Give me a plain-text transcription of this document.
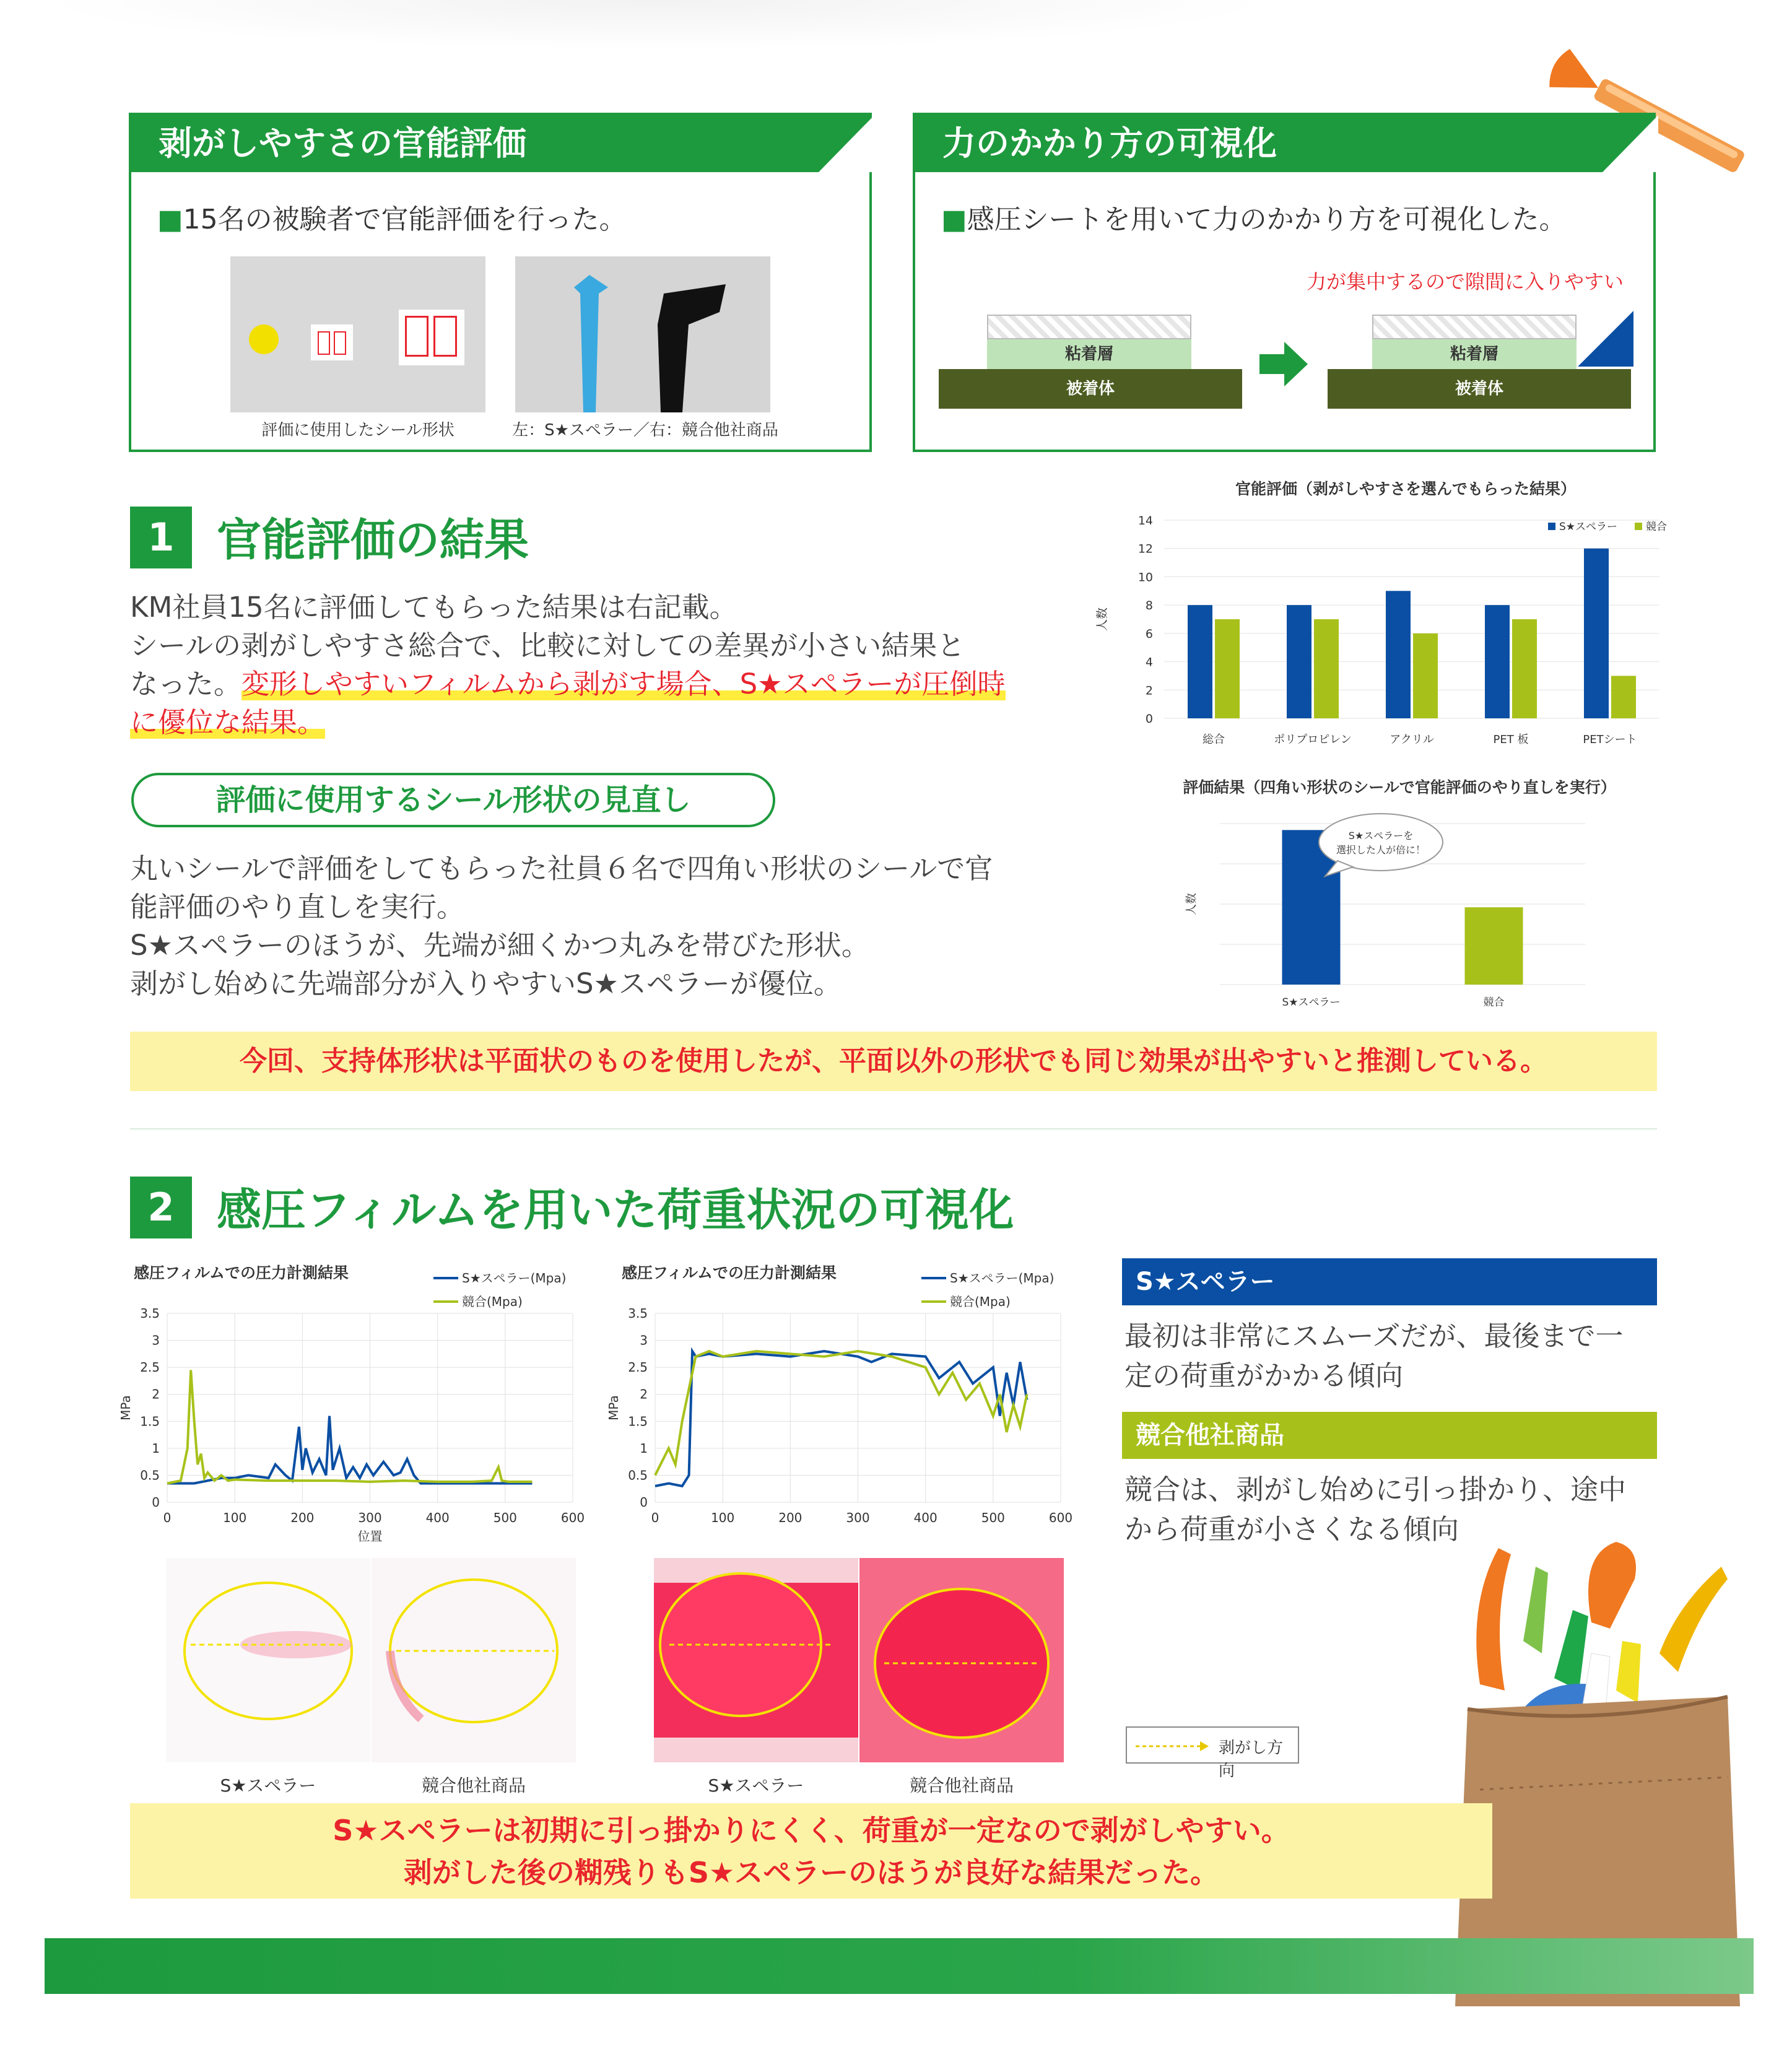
剥がしやすさの官能評価
■15名の被験者で官能評価を行った。
評価に使用したシール形状	左：S★スペラー／右：競合他社商品
力のかかり方の可視化
■感圧シートを用いて力のかかり方を可視化した。
力が集中するので隙間に入りやすい
粘着層
被着体
粘着層
被着体
1 官能評価の結果
KM社員15名に評価してもらった結果は右記載。
シールの剥がしやすさ総合で、比較に対しての差異が小さい結果と
なった。変形しやすいフィルムから剥がす場合、S★スペラーが圧倒時
に優位な結果。
評価に使用するシール形状の見直し
丸いシールで評価をしてもらった社員６名で四角い形状のシールで官
能評価のやり直しを実行。
S★スペラーのほうが、先端が細くかつ丸みを帯びた形状。
剥がし始めに先端部分が入りやすいS★スペラーが優位。
官能評価（剥がしやすさを選んでもらった結果）
0
2
4
6
8
10
12
14
人数
総合	ポリプロピレン	アクリル	PET 板	PETシート
S★スペラー	競合
評価結果（四角い形状のシールで官能評価のやり直しを実行）
人数
S★スペラー	競合
S★スペラーを
選択した人が倍に！
今回、支持体形状は平面状のものを使用したが、平面以外の形状でも同じ効果が出やすいと推測している。
2 感圧フィルムを用いた荷重状況の可視化
感圧フィルムでの圧力計測結果
0
0.5
1
1.5
2
2.5
3
3.5
0	100	200	300	400	500	600
MPa
位置
S★スペラー(Mpa)
競合(Mpa)
感圧フィルムでの圧力計測結果
0
0.5
1
1.5
2
2.5
3
3.5
0	100	200	300	400	500	600
MPa
S★スペラー(Mpa)
競合(Mpa)
S★スペラー	競合他社商品	S★スペラー	競合他社商品
S★スペラー
最初は非常にスムーズだが、最後まで一
定の荷重がかかる傾向
競合他社商品
競合は、剥がし始めに引っ掛かり、途中
から荷重が小さくなる傾向
剥がし方向
S★スペラーは初期に引っ掛かりにくく、荷重が一定なので剥がしやすい。
剥がした後の糊残りもS★スペラーのほうが良好な結果だった。
